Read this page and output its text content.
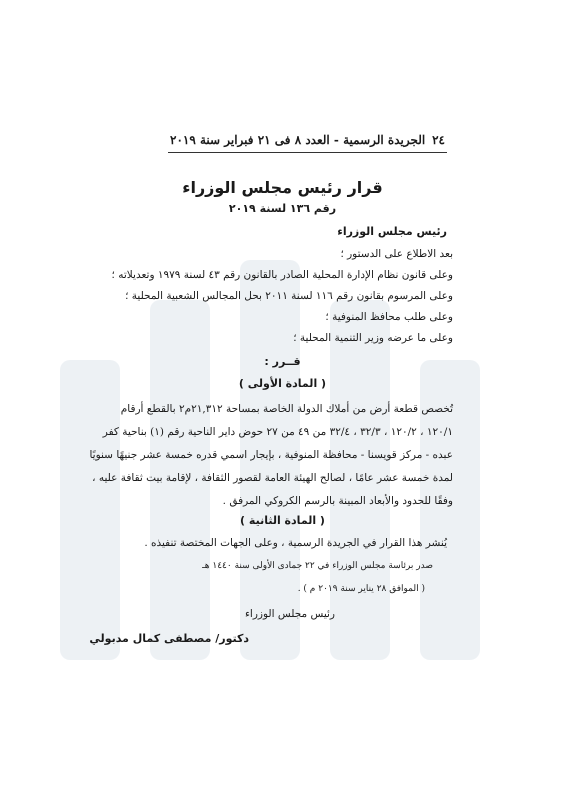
٢٤
الجريدة الرسمية - العدد ٨ فى ٢١ فبراير سنة ٢٠١٩
قرار رئيس مجلس الوزراء
رقم ١٣٦ لسنة ٢٠١٩
رئيس مجلس الوزراء
بعد الاطلاع على الدستور ؛
وعلى قانون نظام الإدارة المحلية الصادر بالقانون رقم ٤٣ لسنة ١٩٧٩ وتعديلاته ؛
وعلى المرسوم بقانون رقم ١١٦ لسنة ٢٠١١ بحل المجالس الشعبية المحلية ؛
وعلى طلب محافظ المنوفية ؛
وعلى ما عرضه وزير التنمية المحلية ؛
قــرر :
( المادة الأولى )
تُخصص قطعة أرض من أملاك الدولة الخاصة بمساحة ٢١,٣١٢م٢ بالقطع أرقام
١٢٠/١ ، ١٢٠/٢ ، ٣٢/٣ ، ٣٢/٤ من ٤٩ من ٢٧ حوض داير الناحية رقم (١) بناحية كفر
عبده - مركز قويسنا - محافظة المنوفية ، بإيجار اسمي قدره خمسة عشر جنيهًا سنويًا
لمدة خمسة عشر عامًا ، لصالح الهيئة العامة لقصور الثقافة ، لإقامة بيت ثقافة عليه ،
وفقًا للحدود والأبعاد المبينة بالرسم الكروكي المرفق .
( المادة الثانية )
يُنشر هذا القرار في الجريدة الرسمية ، وعلى الجهات المختصة تنفيذه .
صدر برئاسة مجلس الوزراء في ٢٢ جمادى الأولى سنة ١٤٤٠ هـ
( الموافق ٢٨ يناير سنة ٢٠١٩ م ) .
رئيس مجلس الوزراء
دكتور/ مصطفى كمال مدبولي
